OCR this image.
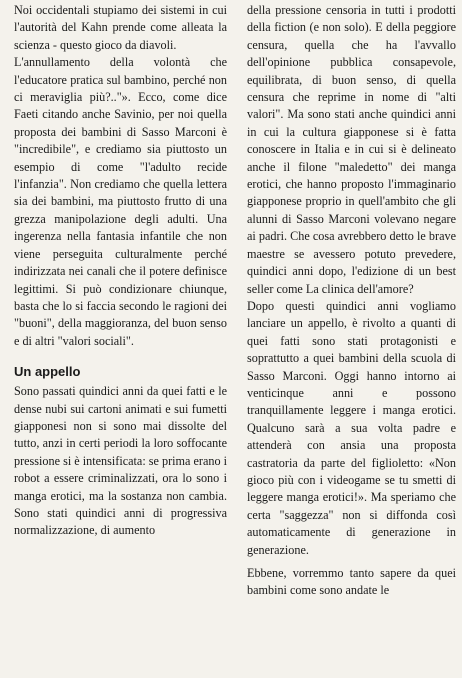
Noi occidentali stupiamo dei sistemi in cui l'autorità del Kahn prende come alleata la scienza - questo gioco da diavoli.

L'annullamento della volontà che l'educatore pratica sul bambino, perché non ci meraviglia più?.."». Ecco, come dice Faeti citando anche Savinio, per noi quella proposta dei bambini di Sasso Marconi è "incredibile", e crediamo sia piuttosto un esempio di come "l'adulto recide l'infanzia". Non crediamo che quella lettera sia dei bambini, ma piuttosto frutto di una grezza manipolazione degli adulti. Una ingerenza nella fantasia infantile che non viene perseguita culturalmente perché indirizzata nei canali che il potere definisce legittimi. Si può condizionare chiunque, basta che lo si faccia secondo le ragioni dei "buoni", della maggioranza, del buon senso e di altri "valori sociali".

Un appello

Sono passati quindici anni da quei fatti e le dense nubi sui cartoni animati e sui fumetti giapponesi non si sono mai dissolte del tutto, anzi in certi periodi la loro soffocante pressione si è intensificata: se prima erano i robot a essere criminalizzati, ora lo sono i manga erotici, ma la sostanza non cambia. Sono stati quindici anni di progressiva normalizzazione, di aumento

della pressione censoria in tutti i prodotti della fiction (e non solo). E della peggiore censura, quella che ha l'avvallo dell'opinione pubblica consapevole, equilibrata, di buon senso, di quella censura che reprime in nome di "alti valori". Ma sono stati anche quindici anni in cui la cultura giapponese si è fatta conoscere in Italia e in cui si è delineato anche il filone "maledetto" dei manga erotici, che hanno proposto l'immaginario giapponese proprio in quell'ambito che gli alunni di Sasso Marconi volevano negare ai padri. Che cosa avrebbero detto le brave maestre se avessero potuto prevedere, quindici anni dopo, l'edizione di un best seller come La clinica dell'amore?

Dopo questi quindici anni vogliamo lanciare un appello, è rivolto a quanti di quei fatti sono stati protagonisti e soprattutto a quei bambini della scuola di Sasso Marconi. Oggi hanno intorno ai venticinque anni e possono tranquillamente leggere i manga erotici. Qualcuno sarà a sua volta padre e attenderà con ansia una proposta castratoria da parte del figlioletto: «Non gioco più con i videogame se tu smetti di leggere manga erotici!». Ma speriamo che certa "saggezza" non si diffonda così automaticamente di generazione in generazione.

Ebbene, vorremmo tanto sapere da quei bambini come sono andate le
